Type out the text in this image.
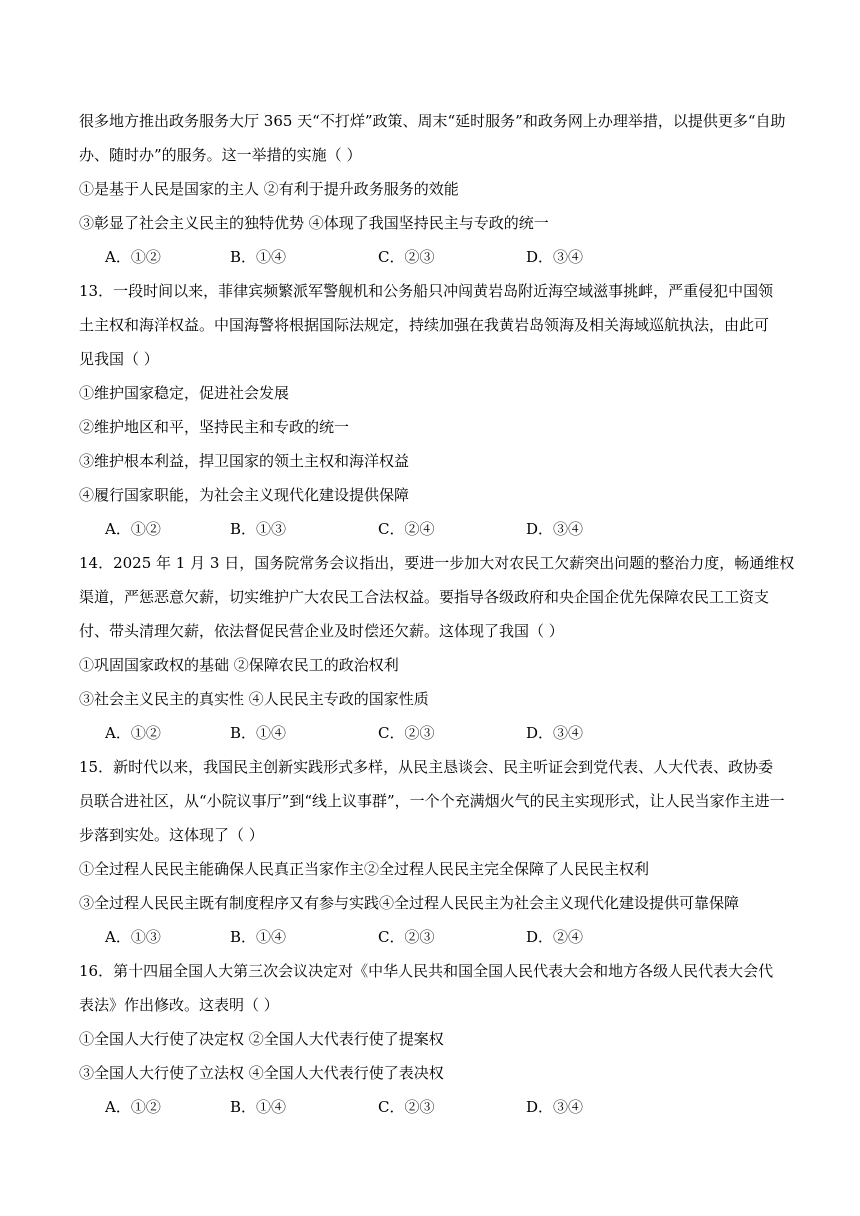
很多地方推出政务服务大厅 365 天“不打烊”政策、周末“延时服务”和政务网上办理举措，以提供更多“自助
办、随时办”的服务。这一举措的实施（ ）
①是基于人民是国家的主人 ②有利于提升政务服务的效能
③彰显了社会主义民主的独特优势 ④体现了我国坚持民主与专政的统一
A．①②	B．①④	C．②③	D．③④
13．一段时间以来，菲律宾频繁派军警舰机和公务船只冲闯黄岩岛附近海空域滋事挑衅，严重侵犯中国领
土主权和海洋权益。中国海警将根据国际法规定，持续加强在我黄岩岛领海及相关海域巡航执法，由此可
见我国（ ）
①维护国家稳定，促进社会发展
②维护地区和平，坚持民主和专政的统一
③维护根本利益，捍卫国家的领土主权和海洋权益
④履行国家职能，为社会主义现代化建设提供保障
A．①②	B．①③	C．②④	D．③④
14．2025 年 1 月 3 日，国务院常务会议指出，要进一步加大对农民工欠薪突出问题的整治力度，畅通维权
渠道，严惩恶意欠薪，切实维护广大农民工合法权益。要指导各级政府和央企国企优先保障农民工工资支
付、带头清理欠薪，依法督促民营企业及时偿还欠薪。这体现了我国（ ）
①巩固国家政权的基础 ②保障农民工的政治权利
③社会主义民主的真实性 ④人民民主专政的国家性质
A．①②	B．①④	C．②③	D．③④
15．新时代以来，我国民主创新实践形式多样，从民主恳谈会、民主听证会到党代表、人大代表、政协委
员联合进社区，从“小院议事厅”到“线上议事群”，一个个充满烟火气的民主实现形式，让人民当家作主进一
步落到实处。这体现了（ ）
①全过程人民民主能确保人民真正当家作主②全过程人民民主完全保障了人民民主权利
③全过程人民民主既有制度程序又有参与实践④全过程人民民主为社会主义现代化建设提供可靠保障
A．①③	B．①④	C．②③	D．②④
16．第十四届全国人大第三次会议决定对《中华人民共和国全国人民代表大会和地方各级人民代表大会代
表法》作出修改。这表明（ ）
①全国人大行使了决定权 ②全国人大代表行使了提案权
③全国人大行使了立法权 ④全国人大代表行使了表决权
A．①②	B．①④	C．②③	D．③④
